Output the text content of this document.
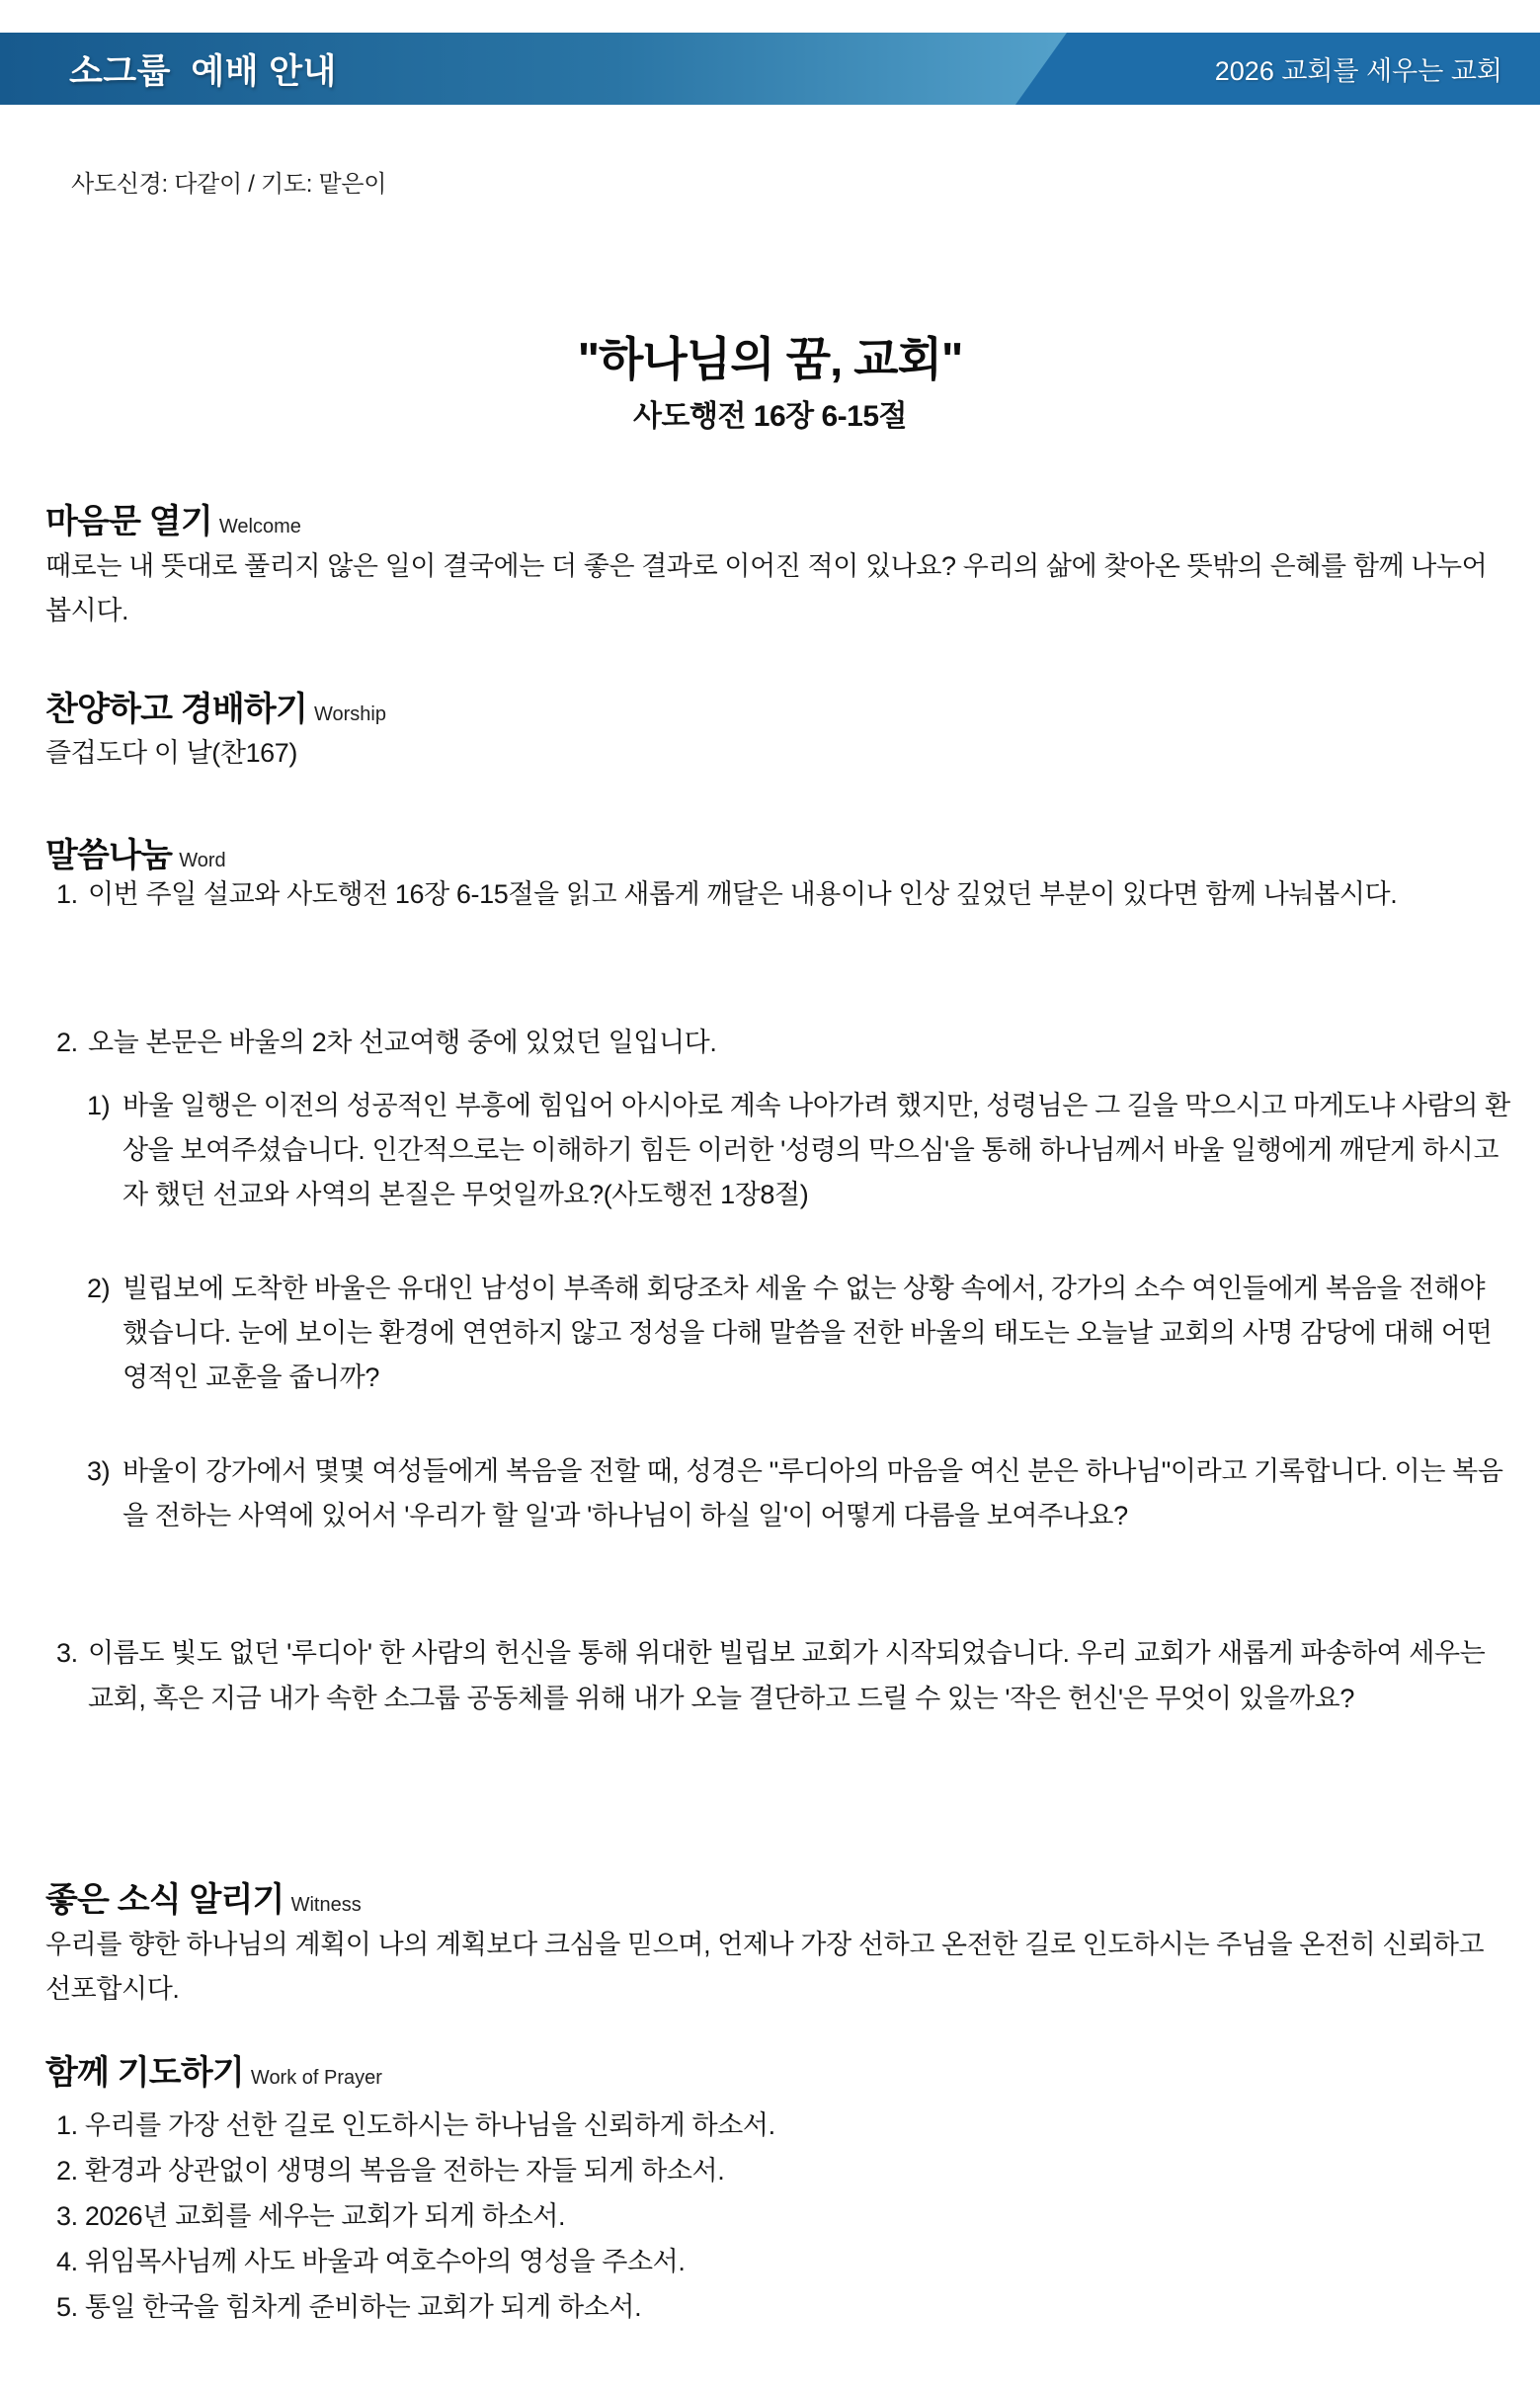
소그룹  예배 안내	2026 교회를 세우는 교회
사도신경: 다같이 / 기도: 맡은이
"하나님의 꿈, 교회"
사도행전 16장 6-15절
마음문 열기 Welcome
때로는 내 뜻대로 풀리지 않은 일이 결국에는 더 좋은 결과로 이어진 적이 있나요? 우리의 삶에 찾아온 뜻밖의 은혜를 함께 나누어 봅시다.
찬양하고 경배하기 Worship
즐겁도다 이 날(찬167)
말씀나눔 Word
1. 이번 주일 설교와 사도행전 16장 6-15절을 읽고 새롭게 깨달은 내용이나 인상 깊었던 부분이 있다면 함께 나눠봅시다.
2. 오늘 본문은 바울의 2차 선교여행 중에 있었던 일입니다.
1) 바울 일행은 이전의 성공적인 부흥에 힘입어 아시아로 계속 나아가려 했지만, 성령님은 그 길을 막으시고 마게도냐 사람의 환상을 보여주셨습니다. 인간적으로는 이해하기 힘든 이러한 '성령의 막으심'을 통해 하나님께서 바울 일행에게 깨닫게 하시고자 했던 선교와 사역의 본질은 무엇일까요?(사도행전 1장8절)
2) 빌립보에 도착한 바울은 유대인 남성이 부족해 회당조차 세울 수 없는 상황 속에서, 강가의 소수 여인들에게 복음을 전해야 했습니다. 눈에 보이는 환경에 연연하지 않고 정성을 다해 말씀을 전한 바울의 태도는 오늘날 교회의 사명 감당에 대해 어떤 영적인 교훈을 줍니까?
3) 바울이 강가에서 몇몇 여성들에게 복음을 전할 때, 성경은 "루디아의 마음을 여신 분은 하나님"이라고 기록합니다. 이는 복음을 전하는 사역에 있어서 '우리가 할 일'과 '하나님이 하실 일'이 어떻게 다름을 보여주나요?
3. 이름도 빛도 없던 '루디아' 한 사람의 헌신을 통해 위대한 빌립보 교회가 시작되었습니다. 우리 교회가 새롭게 파송하여 세우는 교회, 혹은 지금 내가 속한 소그룹 공동체를 위해 내가 오늘 결단하고 드릴 수 있는 '작은 헌신'은 무엇이 있을까요?
좋은 소식 알리기 Witness
우리를 향한 하나님의 계획이 나의 계획보다 크심을 믿으며, 언제나 가장 선하고 온전한 길로 인도하시는 주님을 온전히 신뢰하고 선포합시다.
함께 기도하기 Work of Prayer
1. 우리를 가장 선한 길로 인도하시는 하나님을 신뢰하게 하소서.
2. 환경과 상관없이 생명의 복음을 전하는 자들 되게 하소서.
3. 2026년 교회를 세우는 교회가 되게 하소서.
4. 위임목사님께 사도 바울과 여호수아의 영성을 주소서.
5. 통일 한국을 힘차게 준비하는 교회가 되게 하소서.
